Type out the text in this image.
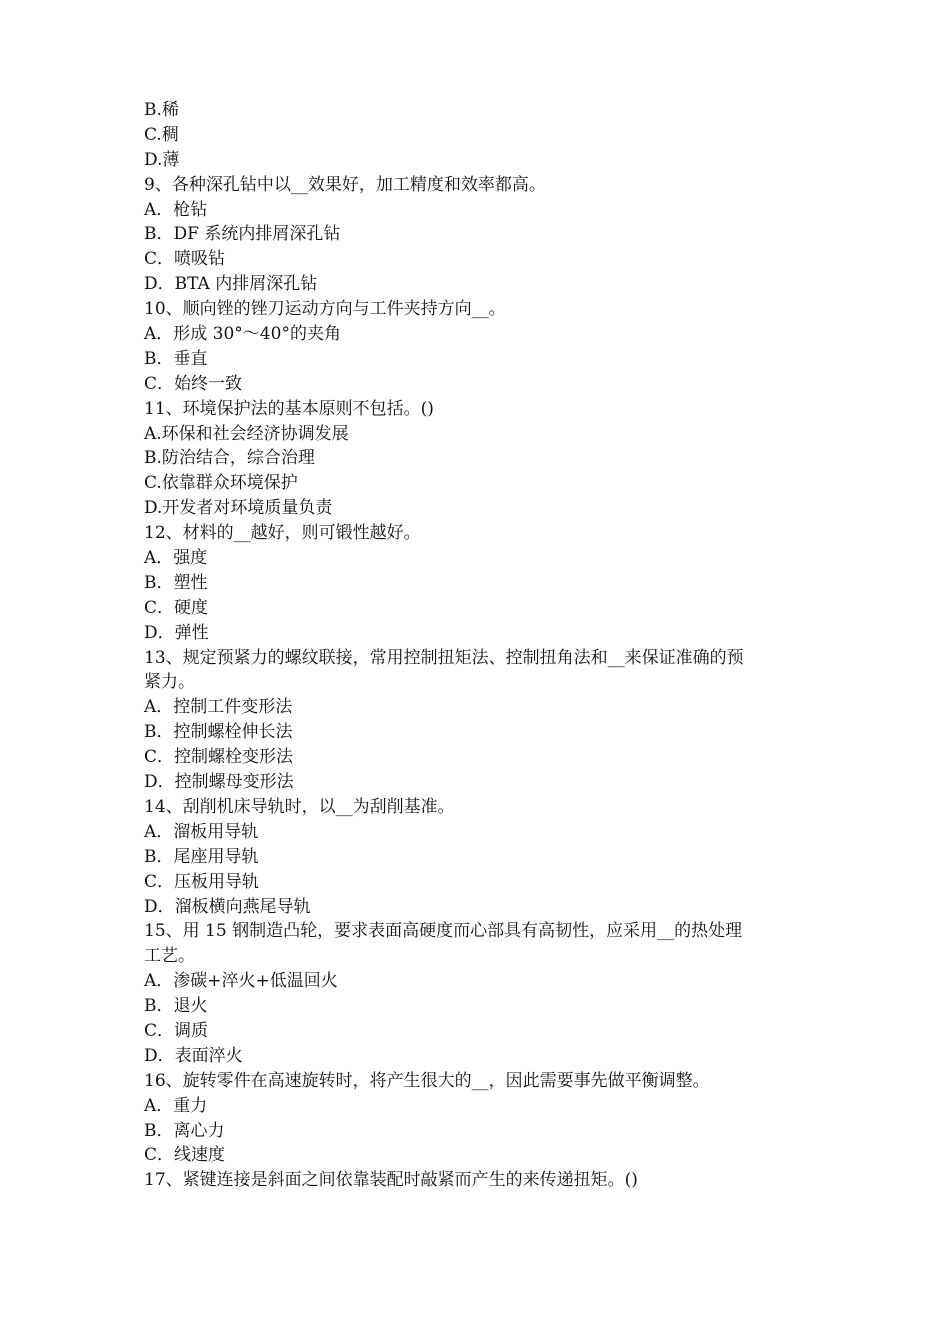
B.稀
C.稠
D.薄
9、各种深孔钻中以__效果好，加工精度和效率都高。
A．枪钻
B．DF 系统内排屑深孔钻
C．喷吸钻
D．BTA 内排屑深孔钻
10、顺向锉的锉刀运动方向与工件夹持方向__。
A．形成 30°～40°的夹角
B．垂直
C．始终一致
11、环境保护法的基本原则不包括。()
A.环保和社会经济协调发展
B.防治结合，综合治理
C.依靠群众环境保护
D.开发者对环境质量负责
12、材料的__越好，则可锻性越好。
A．强度
B．塑性
C．硬度
D．弹性
13、规定预紧力的螺纹联接，常用控制扭矩法、控制扭角法和__来保证准确的预
紧力。
A．控制工件变形法
B．控制螺栓伸长法
C．控制螺栓变形法
D．控制螺母变形法
14、刮削机床导轨时，以__为刮削基准。
A．溜板用导轨
B．尾座用导轨
C．压板用导轨
D．溜板横向燕尾导轨
15、用 15 钢制造凸轮，要求表面高硬度而心部具有高韧性，应采用__的热处理
工艺。
A．渗碳+淬火+低温回火
B．退火
C．调质
D．表面淬火
16、旋转零件在高速旋转时，将产生很大的__，因此需要事先做平衡调整。
A．重力
B．离心力
C．线速度
17、紧键连接是斜面之间依靠装配时敲紧而产生的来传递扭矩。()
